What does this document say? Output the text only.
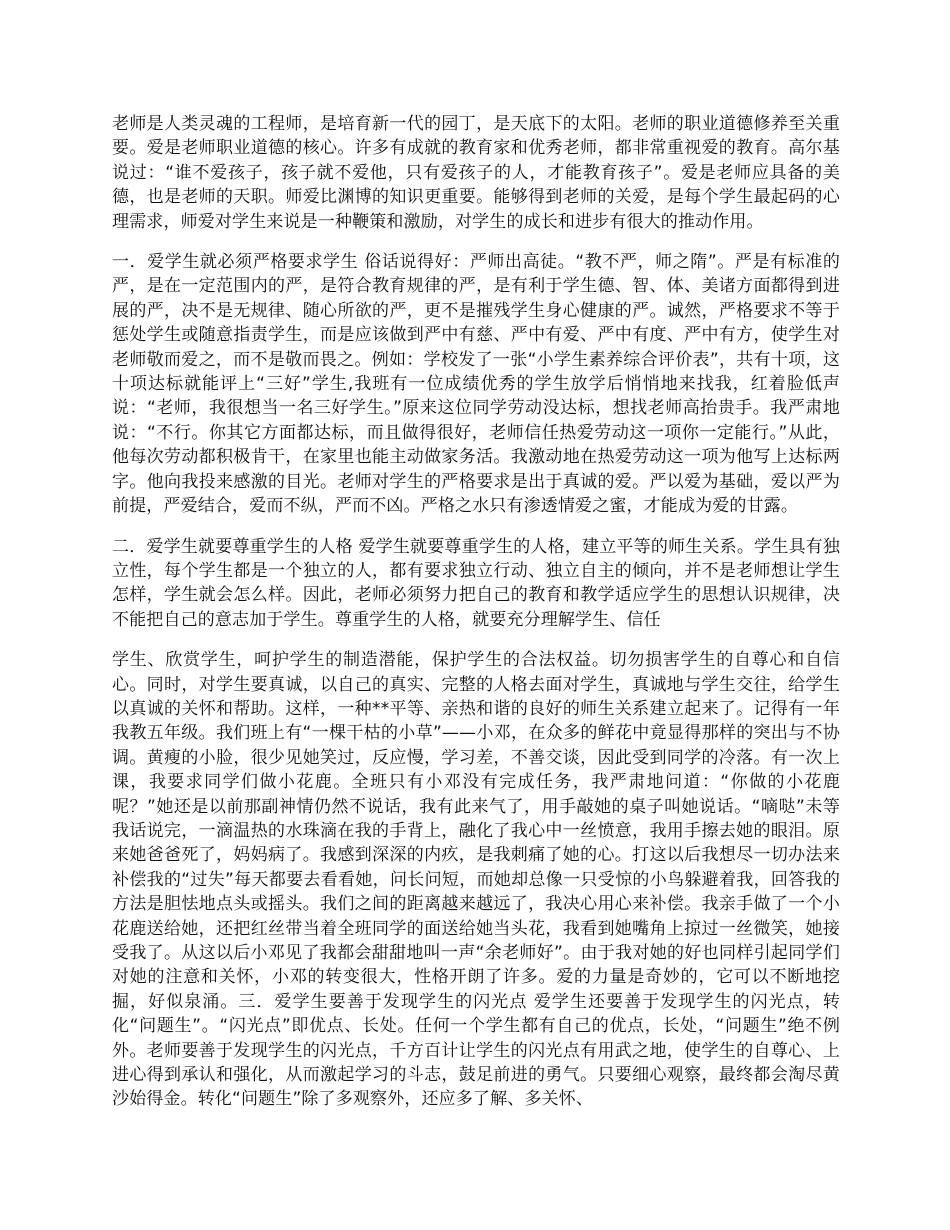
老师是人类灵魂的工程师，是培育新一代的园丁，是天底下的太阳。老师的职业道德修养至关重要。爱是老师职业道德的核心。许多有成就的教育家和优秀老师，都非常重视爱的教育。高尔基说过：“谁不爱孩子，孩子就不爱他，只有爱孩子的人，才能教育孩子”。爱是老师应具备的美德，也是老师的天职。师爱比渊博的知识更重要。能够得到老师的关爱，是每个学生最起码的心理需求，师爱对学生来说是一种鞭策和激励，对学生的成长和进步有很大的推动作用。

一．爱学生就必须严格要求学生 俗话说得好：严师出高徒。“教不严，师之隋”。严是有标准的严，是在一定范围内的严，是符合教育规律的严，是有利于学生德、智、体、美诸方面都得到进展的严，决不是无规律、随心所欲的严，更不是摧残学生身心健康的严。诚然，严格要求不等于惩处学生或随意指责学生，而是应该做到严中有慈、严中有爱、严中有度、严中有方，使学生对老师敬而爱之，而不是敬而畏之。例如：学校发了一张“小学生素养综合评价表”，共有十项，这十项达标就能评上“三好”学生,我班有一位成绩优秀的学生放学后悄悄地来找我，红着脸低声说：“老师，我很想当一名三好学生。”原来这位同学劳动没达标，想找老师高抬贵手。我严肃地说：“不行。你其它方面都达标，而且做得很好，老师信任热爱劳动这一项你一定能行。”从此，他每次劳动都积极肯干，在家里也能主动做家务活。我激动地在热爱劳动这一项为他写上达标两字。他向我投来感激的目光。老师对学生的严格要求是出于真诚的爱。严以爱为基础，爱以严为前提，严爱结合，爱而不纵，严而不凶。严格之水只有渗透情爱之蜜，才能成为爱的甘露。

二．爱学生就要尊重学生的人格 爱学生就要尊重学生的人格，建立平等的师生关系。学生具有独立性，每个学生都是一个独立的人，都有要求独立行动、独立自主的倾向，并不是老师想让学生怎样，学生就会怎么样。因此，老师必须努力把自己的教育和教学适应学生的思想认识规律，决不能把自己的意志加于学生。尊重学生的人格，就要充分理解学生、信任

学生、欣赏学生，呵护学生的制造潜能，保护学生的合法权益。切勿损害学生的自尊心和自信心。同时，对学生要真诚，以自己的真实、完整的人格去面对学生，真诚地与学生交往，给学生以真诚的关怀和帮助。这样，一种**平等、亲热和谐的良好的师生关系建立起来了。记得有一年我教五年级。我们班上有“一棵干枯的小草”——小邓，在众多的鲜花中竟显得那样的突出与不协调。黄瘦的小脸，很少见她笑过，反应慢，学习差，不善交谈，因此受到同学的冷落。有一次上课，我要求同学们做小花鹿。全班只有小邓没有完成任务，我严肃地问道：“你做的小花鹿呢？”她还是以前那副神情仍然不说话，我有此来气了，用手敲她的桌子叫她说话。“嘀哒”未等我话说完，一滴温热的水珠滴在我的手背上，融化了我心中一丝愤意，我用手擦去她的眼泪。原来她爸爸死了，妈妈病了。我感到深深的内疚，是我刺痛了她的心。打这以后我想尽一切办法来补偿我的“过失”每天都要去看看她，问长问短，而她却总像一只受惊的小鸟躲避着我，回答我的方法是胆怯地点头或摇头。我们之间的距离越来越远了，我决心用心来补偿。我亲手做了一个小花鹿送给她，还把红丝带当着全班同学的面送给她当头花，我看到她嘴角上掠过一丝微笑，她接受我了。从这以后小邓见了我都会甜甜地叫一声“余老师好”。由于我对她的好也同样引起同学们对她的注意和关怀，小邓的转变很大，性格开朗了许多。爱的力量是奇妙的，它可以不断地挖掘，好似泉涌。三．爱学生要善于发现学生的闪光点 爱学生还要善于发现学生的闪光点，转化“问题生”。“闪光点”即优点、长处。任何一个学生都有自己的优点，长处，“问题生”绝不例外。老师要善于发现学生的闪光点，千方百计让学生的闪光点有用武之地，使学生的自尊心、上进心得到承认和强化，从而激起学习的斗志，鼓足前进的勇气。只要细心观察，最终都会淘尽黄沙始得金。转化“问题生”除了多观察外，还应多了解、多关怀、
